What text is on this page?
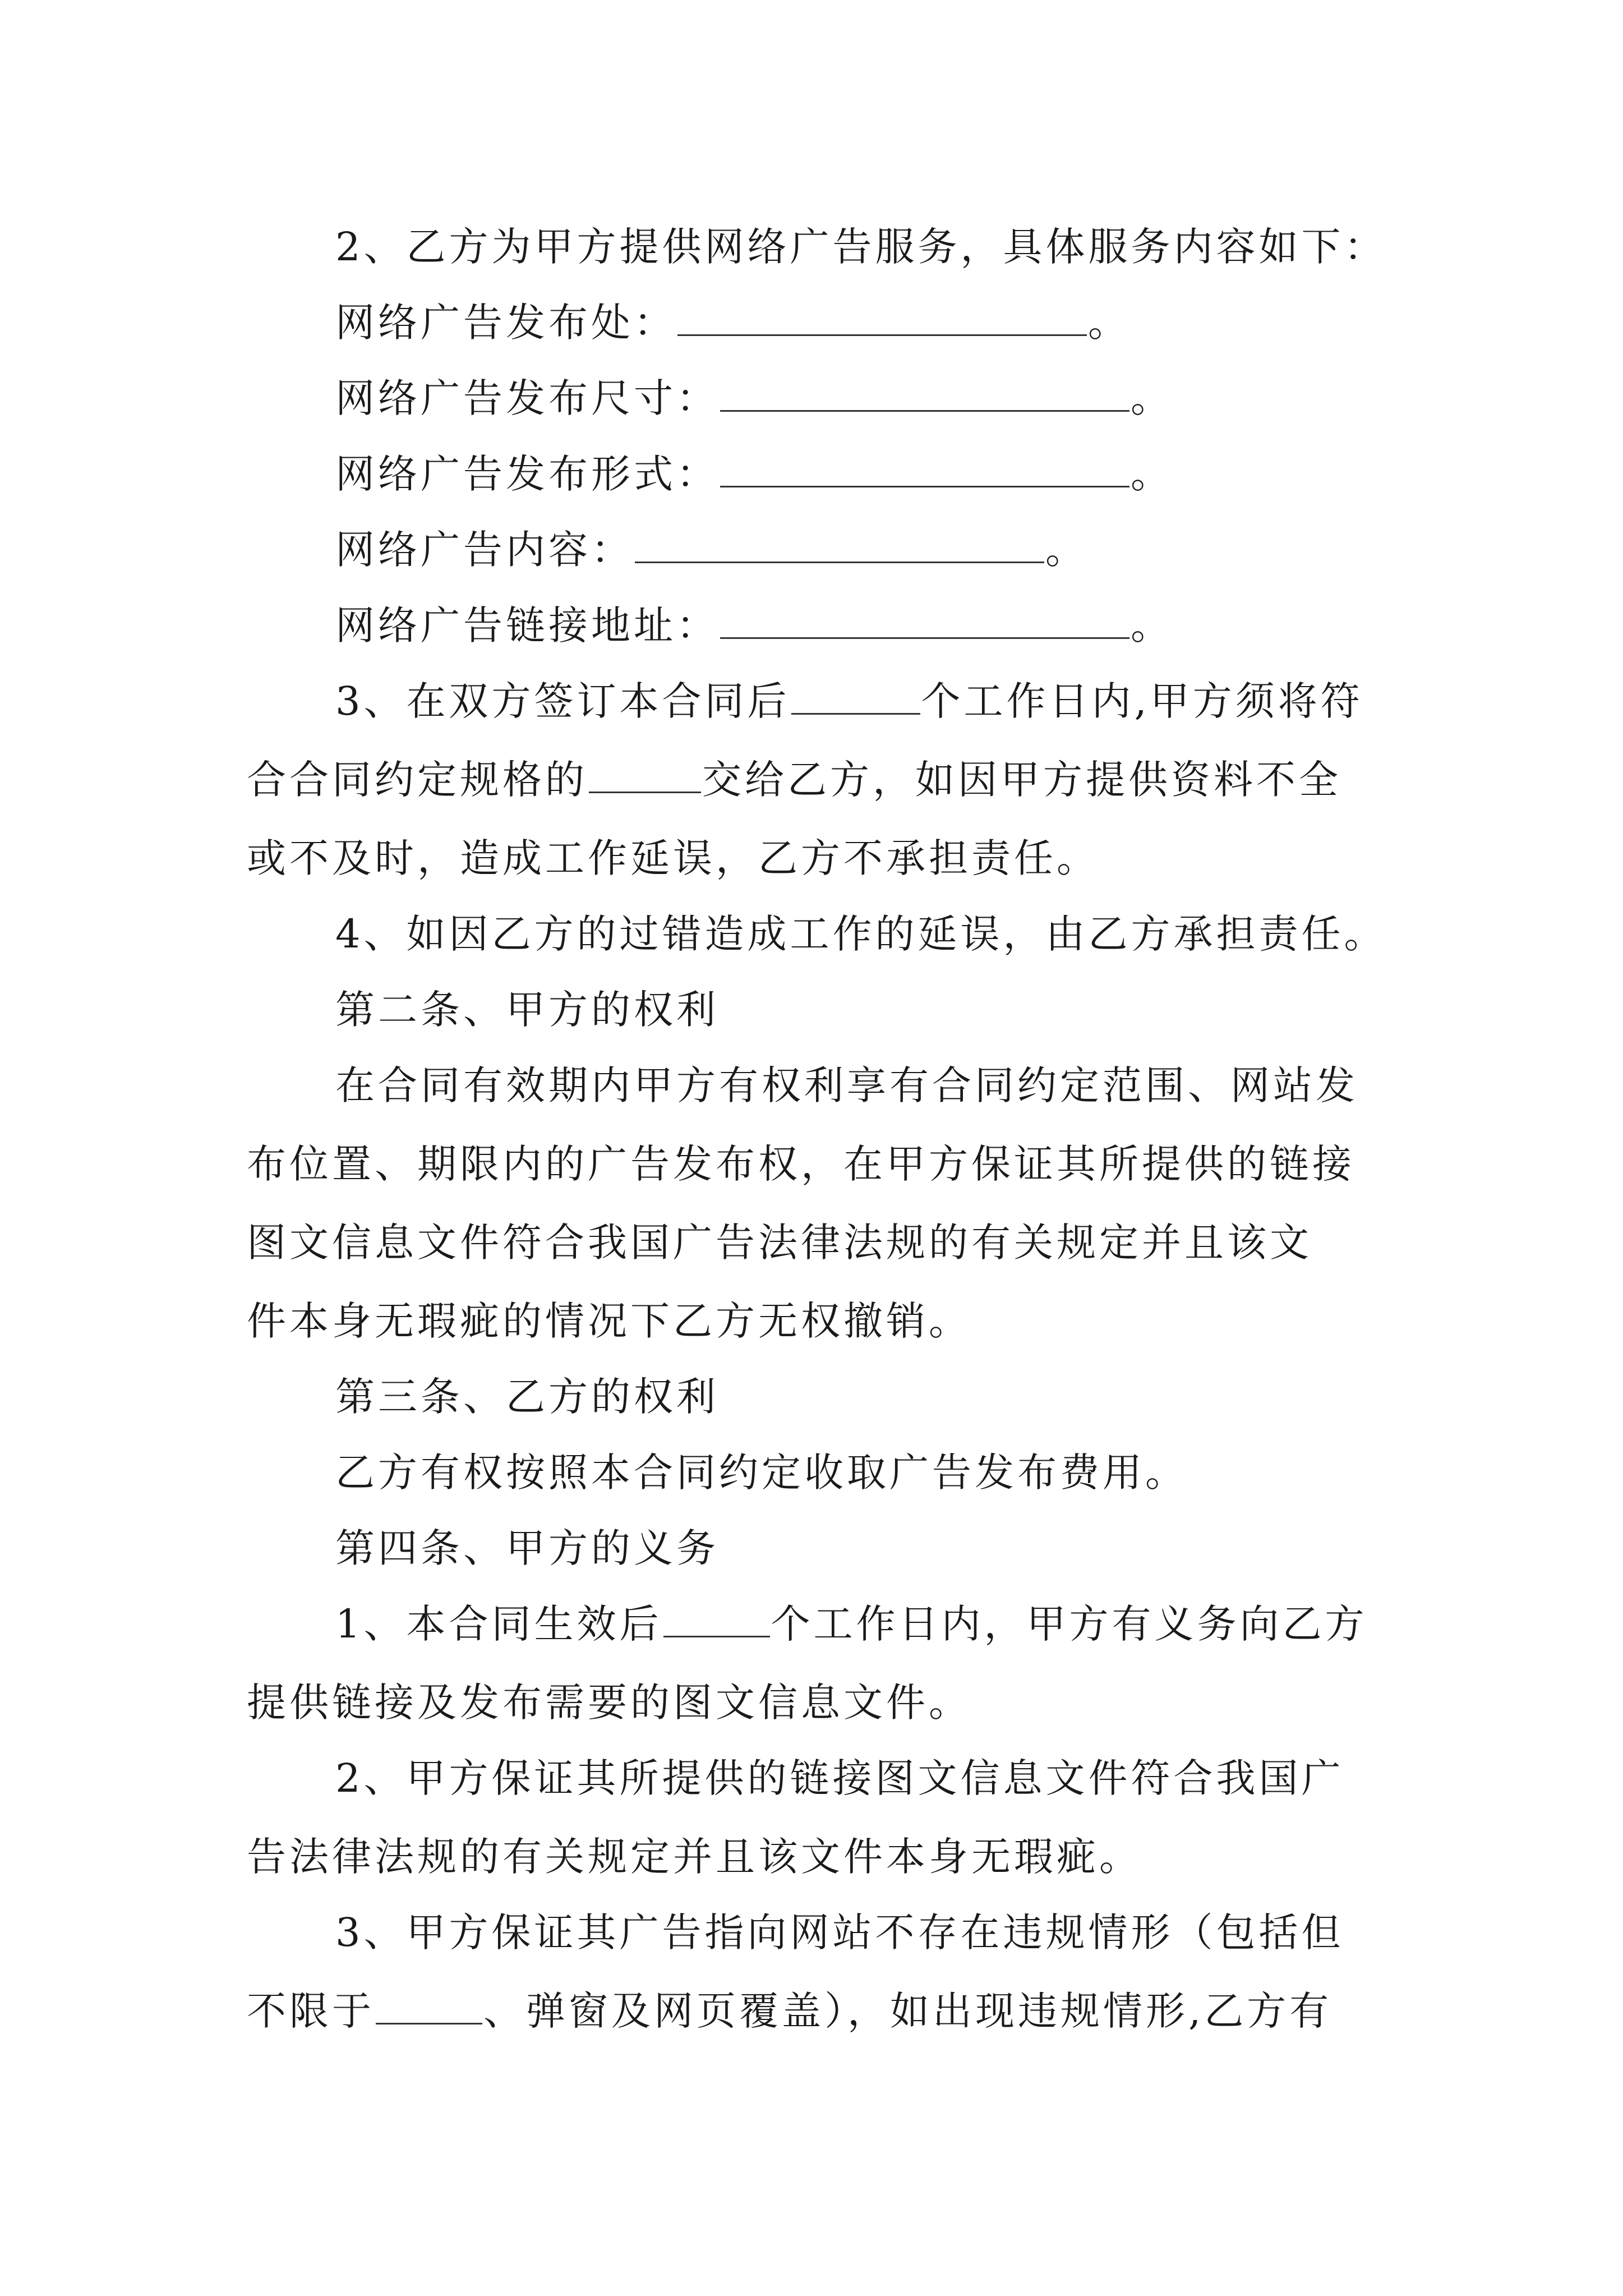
2、乙方为甲方提供网络广告服务，具体服务内容如下：
网络广告发布处：	。
网络广告发布尺寸：	。
网络广告发布形式：	。
网络广告内容：	。
网络广告链接地址：	。
3、在双方签订本合同后	个工作日内,甲方须将符
合合同约定规格的	交给乙方，如因甲方提供资料不全
或不及时，造成工作延误，乙方不承担责任。
4、如因乙方的过错造成工作的延误，由乙方承担责任。
第二条、甲方的权利
在合同有效期内甲方有权利享有合同约定范围、网站发
布位置、期限内的广告发布权，在甲方保证其所提供的链接
图文信息文件符合我国广告法律法规的有关规定并且该文
件本身无瑕疵的情况下乙方无权撤销。
第三条、乙方的权利
乙方有权按照本合同约定收取广告发布费用。
第四条、甲方的义务
1、本合同生效后	个工作日内，甲方有义务向乙方
提供链接及发布需要的图文信息文件。
2、甲方保证其所提供的链接图文信息文件符合我国广
告法律法规的有关规定并且该文件本身无瑕疵。
3、甲方保证其广告指向网站不存在违规情形（包括但
不限于	、弹窗及网页覆盖），如出现违规情形,乙方有
